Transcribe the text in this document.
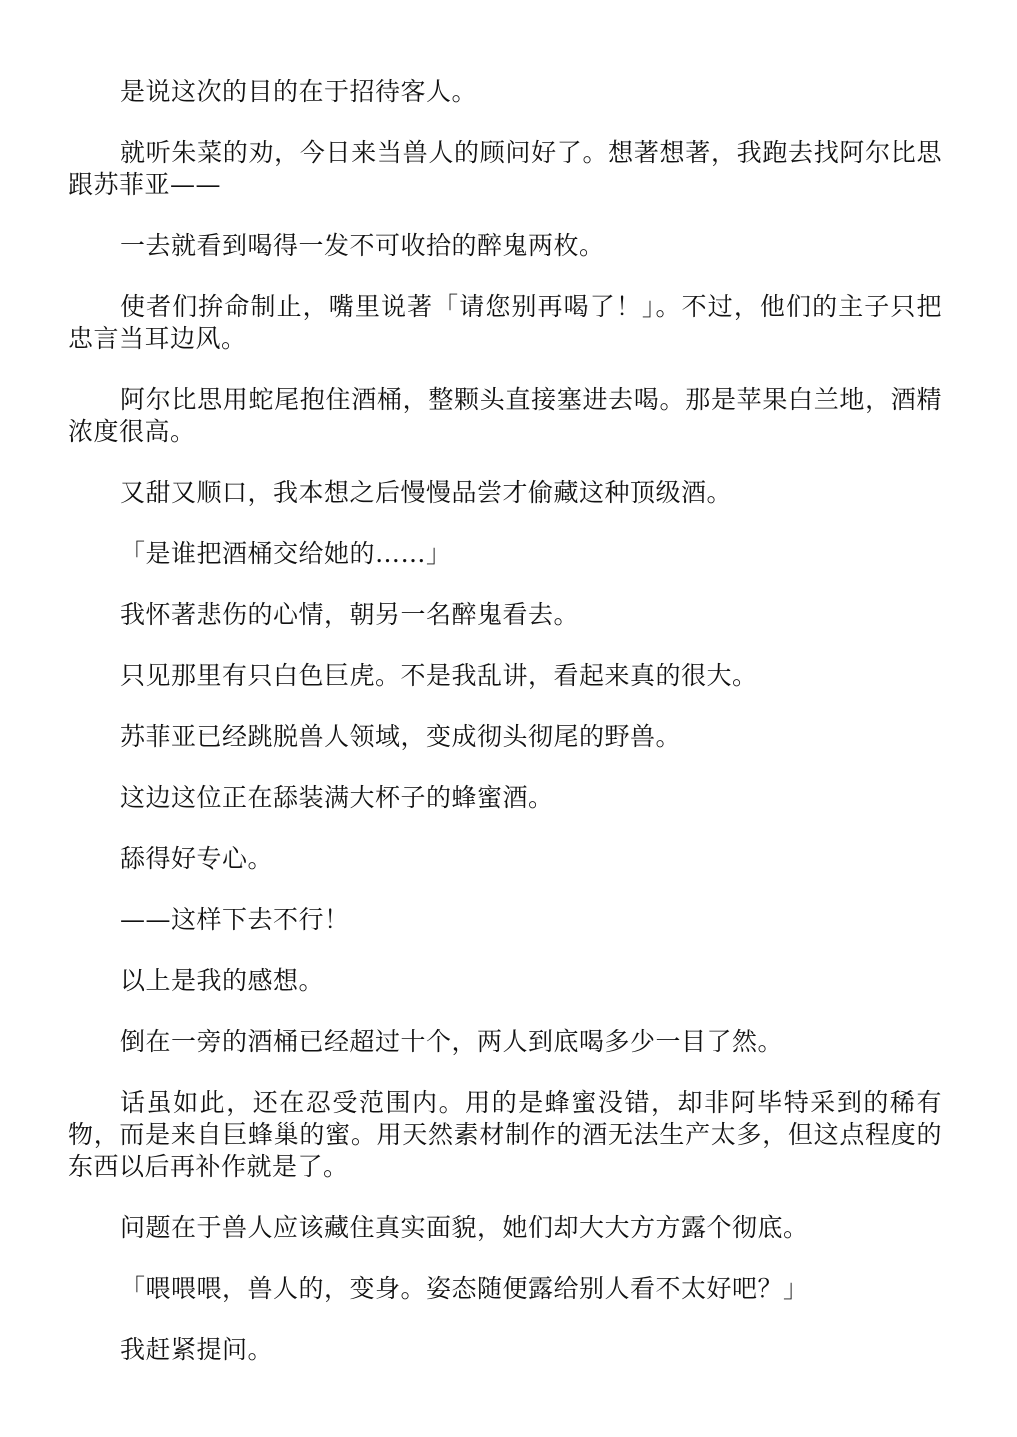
是说这次的目的在于招待客人。

就听朱菜的劝，今日来当兽人的顾问好了。想著想著，我跑去找阿尔比思跟苏菲亚——

一去就看到喝得一发不可收拾的醉鬼两枚。

使者们拚命制止，嘴里说著「请您别再喝了！」。不过，他们的主子只把忠言当耳边风。

阿尔比思用蛇尾抱住酒桶，整颗头直接塞进去喝。那是苹果白兰地，酒精浓度很高。

又甜又顺口，我本想之后慢慢品尝才偷藏这种顶级酒。

「是谁把酒桶交给她的……」

我怀著悲伤的心情，朝另一名醉鬼看去。

只见那里有只白色巨虎。不是我乱讲，看起来真的很大。

苏菲亚已经跳脱兽人领域，变成彻头彻尾的野兽。

这边这位正在舔装满大杯子的蜂蜜酒。

舔得好专心。

——这样下去不行！

以上是我的感想。

倒在一旁的酒桶已经超过十个，两人到底喝多少一目了然。

话虽如此，还在忍受范围内。用的是蜂蜜没错，却非阿毕特采到的稀有物，而是来自巨蜂巢的蜜。用天然素材制作的酒无法生产太多，但这点程度的东西以后再补作就是了。

问题在于兽人应该藏住真实面貌，她们却大大方方露个彻底。

「喂喂喂，兽人的，变身。姿态随便露给别人看不太好吧？」

我赶紧提问。
